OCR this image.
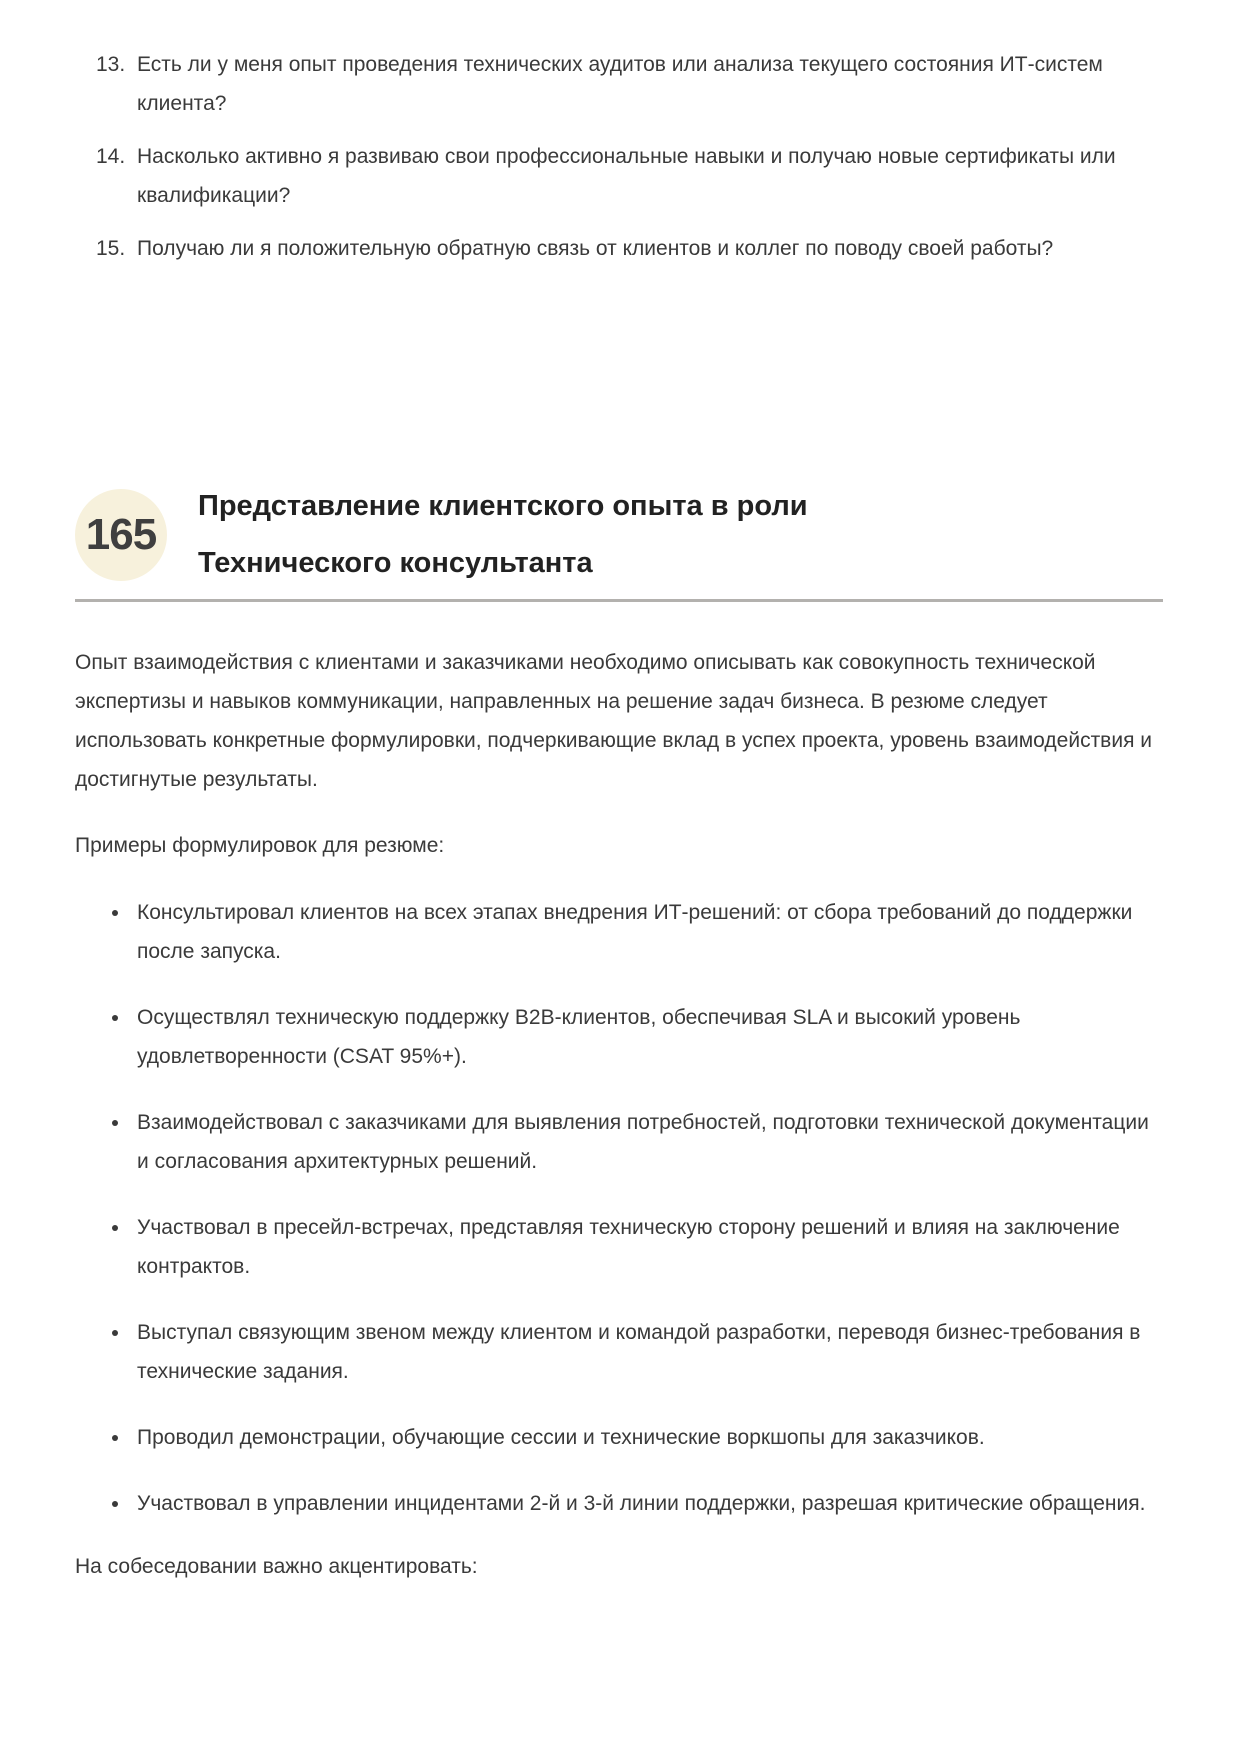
13. Есть ли у меня опыт проведения технических аудитов или анализа текущего состояния ИТ-систем клиента?
14. Насколько активно я развиваю свои профессиональные навыки и получаю новые сертификаты или квалификации?
15. Получаю ли я положительную обратную связь от клиентов и коллег по поводу своей работы?
165
Представление клиентского опыта в роли Технического консультанта

Опыт взаимодействия с клиентами и заказчиками необходимо описывать как совокупность технической экспертизы и навыков коммуникации, направленных на решение задач бизнеса. В резюме следует использовать конкретные формулировки, подчеркивающие вклад в успех проекта, уровень взаимодействия и достигнутые результаты.

Примеры формулировок для резюме:

• Консультировал клиентов на всех этапах внедрения ИТ-решений: от сбора требований до поддержки после запуска.
• Осуществлял техническую поддержку B2B-клиентов, обеспечивая SLA и высокий уровень удовлетворенности (CSAT 95%+).
• Взаимодействовал с заказчиками для выявления потребностей, подготовки технической документации и согласования архитектурных решений.
• Участвовал в пресейл-встречах, представляя техническую сторону решений и влияя на заключение контрактов.
• Выступал связующим звеном между клиентом и командой разработки, переводя бизнес-требования в технические задания.
• Проводил демонстрации, обучающие сессии и технические воркшопы для заказчиков.
• Участвовал в управлении инцидентами 2-й и 3-й линии поддержки, разрешая критические обращения.

На собеседовании важно акцентировать:
